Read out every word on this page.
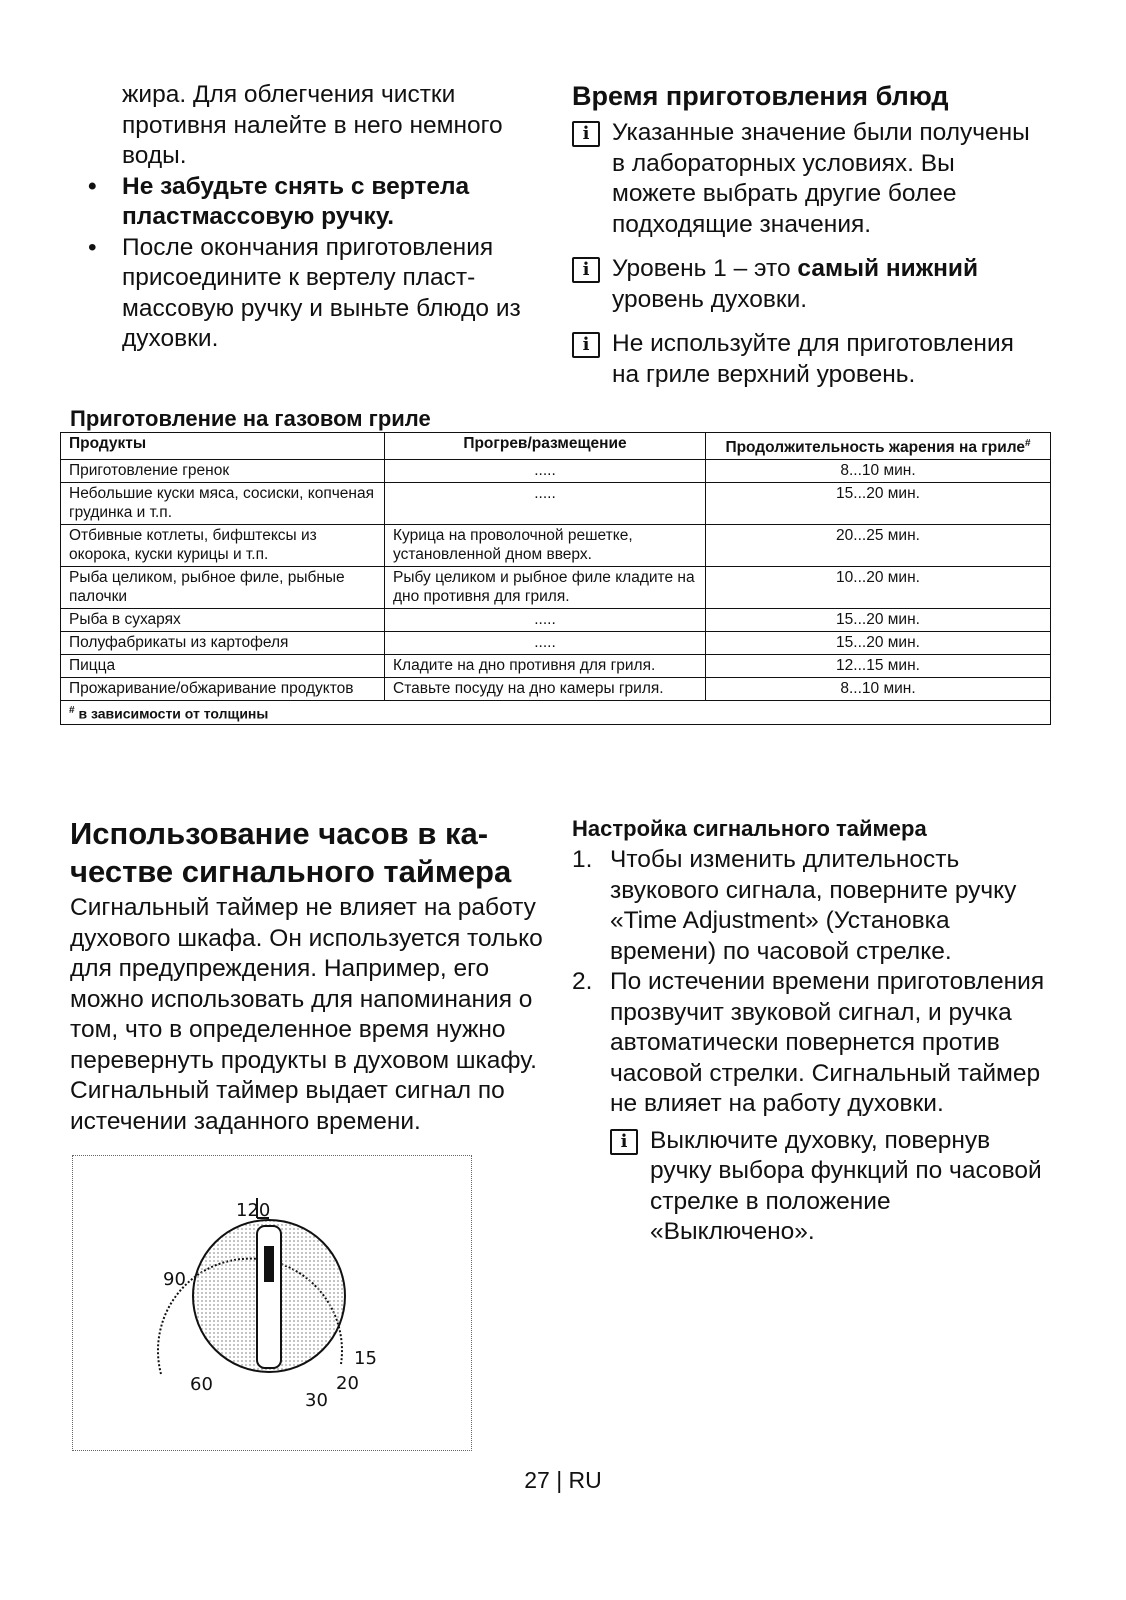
жира. Для облегчения чистки противня налейте в него немного воды.

• Не забудьте снять с вертела пластмассовую ручку.
• После окончания приготовления присоедините к вертелу пластмассовую ручку и выньте блюдо из духовки.
Время приготовления блюд
i Указанные значение были получены в лабораторных условиях. Вы можете выбрать другие более подходящие значения.
i Уровень 1 – это самый нижний уровень духовки.
i Не используйте для приготовления на гриле верхний уровень.
Приготовление на газовом гриле
Продукты	Прогрев/размещение	Продолжительность жарения на гриле#
Приготовление гренок	.....	8...10 мин.
Небольшие куски мяса, сосиски, копченая грудинка и т.п.	.....	15...20 мин.
Отбивные котлеты, бифштексы из окорока, куски курицы и т.п.	Курица на проволочной решетке, установленной дном вверх.	20...25 мин.
Рыба целиком, рыбное филе, рыбные палочки	Рыбу целиком и рыбное филе кладите на дно противня для гриля.	10...20 мин.
Рыба в сухарях	.....	15...20 мин.
Полуфабрикаты из картофеля	.....	15...20 мин.
Пицца	Кладите на дно противня для гриля.	12...15 мин.
Прожаривание/обжаривание продуктов	Ставьте посуду на дно камеры гриля.	8...10 мин.
# в зависимости от толщины		
Использование часов в качестве сигнального таймера

Сигнальный таймер не влияет на работу духового шкафа. Он используется только для предупреждения. Например, его можно использовать для напоминания о том, что в определенное время нужно перевернуть продукты в духовом шкафу. Сигнальный таймер выдает сигнал по истечении заданного времени.

120
90
60
30
20
15
Настройка сигнального таймера
1. Чтобы изменить длительность звукового сигнала, поверните ручку «Time Adjustment» (Установка времени) по часовой стрелке.
2. По истечении времени приготовления прозвучит звуковой сигнал, и ручка автоматически повернется против часовой стрелки. Сигнальный таймер не влияет на работу духовки.
i Выключите духовку, повернув ручку выбора функций по часовой стрелке в положение «Выключено».
27 | RU
